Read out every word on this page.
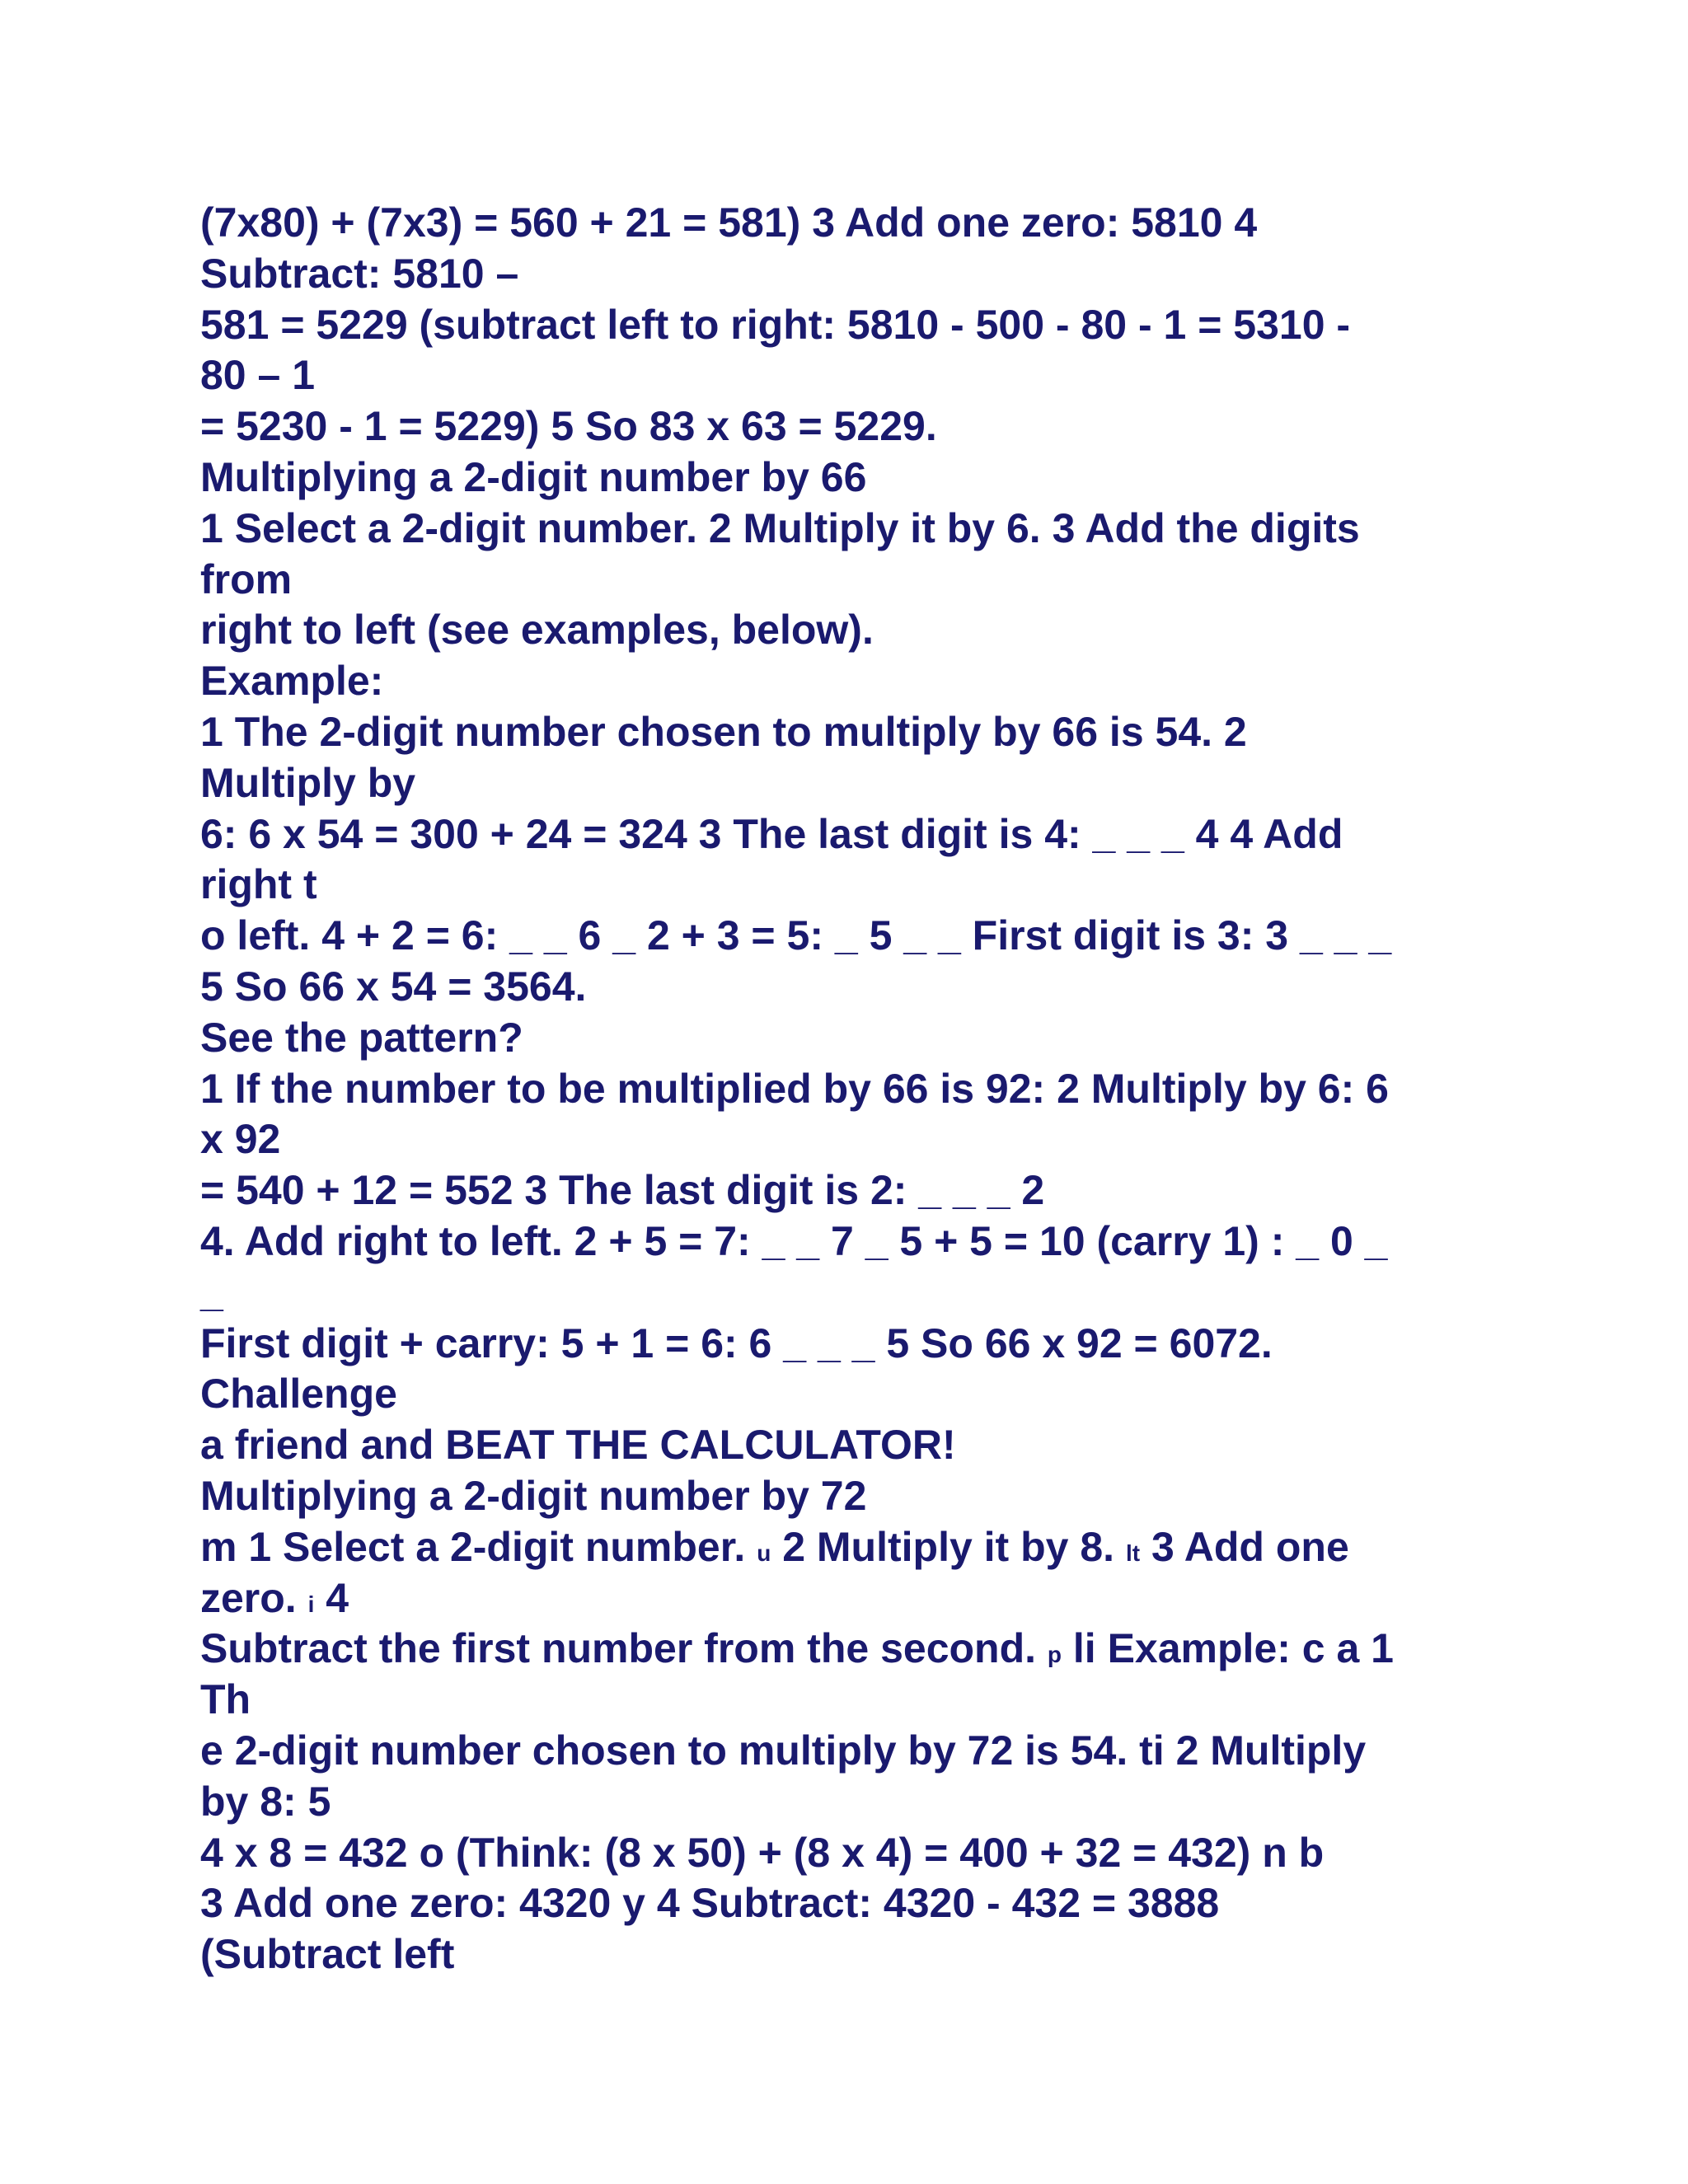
(7x80) + (7x3) = 560 + 21 = 581) 3 Add one zero: 5810 4
Subtract: 5810 –
581 = 5229 (subtract left to right: 5810 - 500 - 80 - 1 = 5310 -
80 – 1
= 5230 - 1 = 5229) 5 So 83 x 63 = 5229.
Multiplying a 2-digit number by 66
1 Select a 2-digit number. 2 Multiply it by 6. 3 Add the digits
from
right to left (see examples, below).
Example:
1 The 2-digit number chosen to multiply by 66 is 54. 2
Multiply by
6: 6 x 54 = 300 + 24 = 324 3 The last digit is 4: _ _ _ 4 4 Add
right t
o left. 4 + 2 = 6: _ _ 6 _ 2 + 3 = 5: _ 5 _ _ First digit is 3: 3 _ _ _
5 So 66 x 54 = 3564.
See the pattern?
1 If the number to be multiplied by 66 is 92: 2 Multiply by 6: 6
x 92
= 540 + 12 = 552 3 The last digit is 2: _ _ _ 2
4. Add right to left. 2 + 5 = 7: _ _ 7 _ 5 + 5 = 10 (carry 1) : _ 0 _
_
First digit + carry: 5 + 1 = 6: 6 _ _ _ 5 So 66 x 92 = 6072.
Challenge
a friend and BEAT THE CALCULATOR!
Multiplying a 2-digit number by 72
m 1 Select a 2-digit number. u 2 Multiply it by 8. lt 3 Add one
zero. i 4
Subtract the first number from the second. p li Example: c a 1
Th
e 2-digit number chosen to multiply by 72 is 54. ti 2 Multiply
by 8: 5
4 x 8 = 432 o (Think: (8 x 50) + (8 x 4) = 400 + 32 = 432) n b
3 Add one zero: 4320 y 4 Subtract: 4320 - 432 = 3888
(Subtract left
